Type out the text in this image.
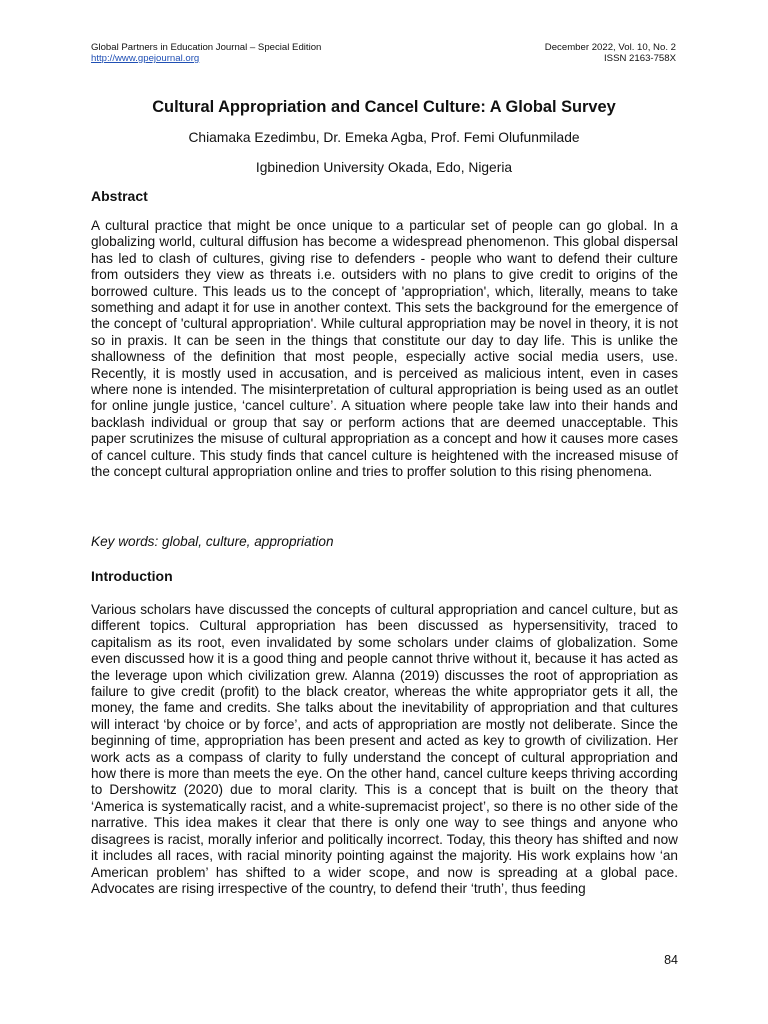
Global Partners in Education Journal – Special Edition
http://www.gpejournal.org
December 2022, Vol. 10, No. 2
ISSN 2163-758X
Cultural Appropriation and Cancel Culture: A Global Survey
Chiamaka Ezedimbu, Dr. Emeka Agba, Prof. Femi Olufunmilade
Igbinedion University Okada, Edo, Nigeria
Abstract

A cultural practice that might be once unique to a particular set of people can go global. In a globalizing world, cultural diffusion has become a widespread phenomenon. This global dispersal has led to clash of cultures, giving rise to defenders - people who want to defend their culture from outsiders they view as threats i.e. outsiders with no plans to give credit to origins of the borrowed culture. This leads us to the concept of 'appropriation', which, literally, means to take something and adapt it for use in another context. This sets the background for the emergence of the concept of 'cultural appropriation'. While cultural appropriation may be novel in theory, it is not so in praxis. It can be seen in the things that constitute our day to day life. This is unlike the shallowness of the definition that most people, especially active social media users, use. Recently, it is mostly used in accusation, and is perceived as malicious intent, even in cases where none is intended. The misinterpretation of cultural appropriation is being used as an outlet for online jungle justice, ‘cancel culture’. A situation where people take law into their hands and backlash individual or group that say or perform actions that are deemed unacceptable. This paper scrutinizes the misuse of cultural appropriation as a concept and how it causes more cases of cancel culture. This study finds that cancel culture is heightened with the increased misuse of the concept cultural appropriation online and tries to proffer solution to this rising phenomena.

Key words: global, culture, appropriation
Introduction

Various scholars have discussed the concepts of cultural appropriation and cancel culture, but as different topics. Cultural appropriation has been discussed as hypersensitivity, traced to capitalism as its root, even invalidated by some scholars under claims of globalization. Some even discussed how it is a good thing and people cannot thrive without it, because it has acted as the leverage upon which civilization grew. Alanna (2019) discusses the root of appropriation as failure to give credit (profit) to the black creator, whereas the white appropriator gets it all, the money, the fame and credits. She talks about the inevitability of appropriation and that cultures will interact ‘by choice or by force’, and acts of appropriation are mostly not deliberate. Since the beginning of time, appropriation has been present and acted as key to growth of civilization. Her work acts as a compass of clarity to fully understand the concept of cultural appropriation and how there is more than meets the eye. On the other hand, cancel culture keeps thriving according to Dershowitz (2020) due to moral clarity. This is a concept that is built on the theory that ‘America is systematically racist, and a white-supremacist project’, so there is no other side of the narrative. This idea makes it clear that there is only one way to see things and anyone who disagrees is racist, morally inferior and politically incorrect. Today, this theory has shifted and now it includes all races, with racial minority pointing against the majority. His work explains how ‘an American problem’ has shifted to a wider scope, and now is spreading at a global pace. Advocates are rising irrespective of the country, to defend their ‘truth’, thus feeding

84
